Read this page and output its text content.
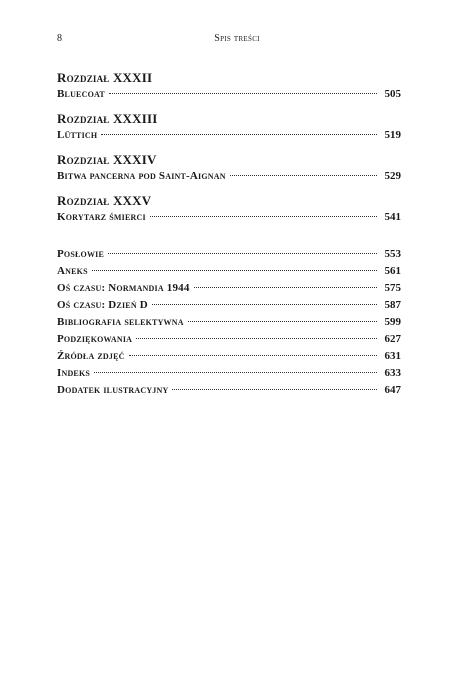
8	Spis treści
Rozdział XXXII
Bluecoat	505
Rozdział XXXIII
Lüttich	519
Rozdział XXXIV
Bitwa pancerna pod Saint-Aignan	529
Rozdział XXXV
Korytarz śmierci	541
Posłowie	553
Aneks	561
Oś czasu: Normandia 1944	575
Oś czasu: Dzień D	587
Bibliografia selektywna	599
Podziękowania	627
Źródła zdjęć	631
Indeks	633
Dodatek ilustracyjny	647
